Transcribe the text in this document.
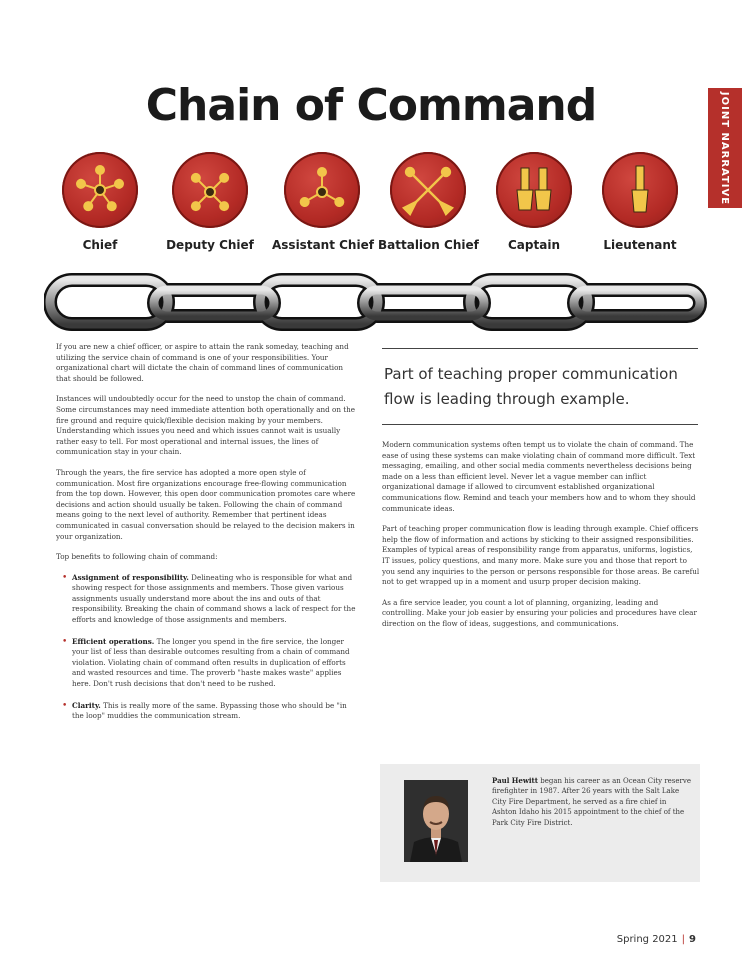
Chain of Command	JOINT NARRATIVE
Chief	Deputy Chief	Assistant Chief Battalion Chief	Captain	Lieutenant

If you are new a chief officer, or aspire to attain the rank someday, teaching and utilizing the service chain of command is one of your responsibilities. Your organizational chart will dictate the chain of command lines of communication that should be followed.

Instances will undoubtedly occur for the need to unstop the chain of command. Some circumstances may need immediate attention both operationally and on the fire ground and require quick/flexible decision making by your members. Understanding which issues you need and which issues cannot wait is usually rather easy to tell. For most operational and internal issues, the lines of communication stay in your chain.

Through the years, the fire service has adopted a more open style of communication. Most fire organizations encourage free-flowing communication from the top down. However, this open door communication promotes care where decisions and action should usually be taken. Following the chain of command means going to the next level of authority. Remember that pertinent ideas communicated in casual conversation should be relayed to the decision makers in your organization.

Top benefits to following chain of command:

• Assignment of responsibility. Delineating who is responsible for what and showing respect for those assignments and members. Those given various assignments usually understand more about the ins and outs of that responsibility. Breaking the chain of command shows a lack of respect for the efforts and knowledge of those assignments and members.
• Efficient operations. The longer you spend in the fire service, the longer your list of less than desirable outcomes resulting from a chain of command violation. Violating chain of command often results in duplication of efforts and wasted resources and time. The proverb "haste makes waste" applies here. Don't rush decisions that don't need to be rushed.
• Clarity. This is really more of the same. Bypassing those who should be "in the loop" muddies the communication stream.
Part of teaching proper communication flow is leading through example.

Modern communication systems often tempt us to violate the chain of command. The ease of using these systems can make violating chain of command more difficult. Text messaging, emailing, and other social media comments nevertheless decisions being made on a less than efficient level. Never let a vague member can inflict organizational damage if allowed to circumvent established organizational communications flow. Remind and teach your members how and to whom they should communicate ideas.

Part of teaching proper communication flow is leading through example. Chief officers help the flow of information and actions by sticking to their assigned responsibilities. Examples of typical areas of responsibility range from apparatus, uniforms, logistics, IT issues, policy questions, and many more. Make sure you and those that report to you send any inquiries to the person or persons responsible for those areas. Be careful not to get wrapped up in a moment and usurp proper decision making.

As a fire service leader, you count a lot of planning, organizing, leading and controlling. Make your job easier by ensuring your policies and procedures have clear direction on the flow of ideas, suggestions, and communications.

Paul Hewitt began his career as an Ocean City reserve firefighter in 1987. After 26 years with the Salt Lake City Fire Department, he served as a fire chief in Ashton Idaho his 2015 appointment to the chief of the Park City Fire District.
Spring 2021 | 9
